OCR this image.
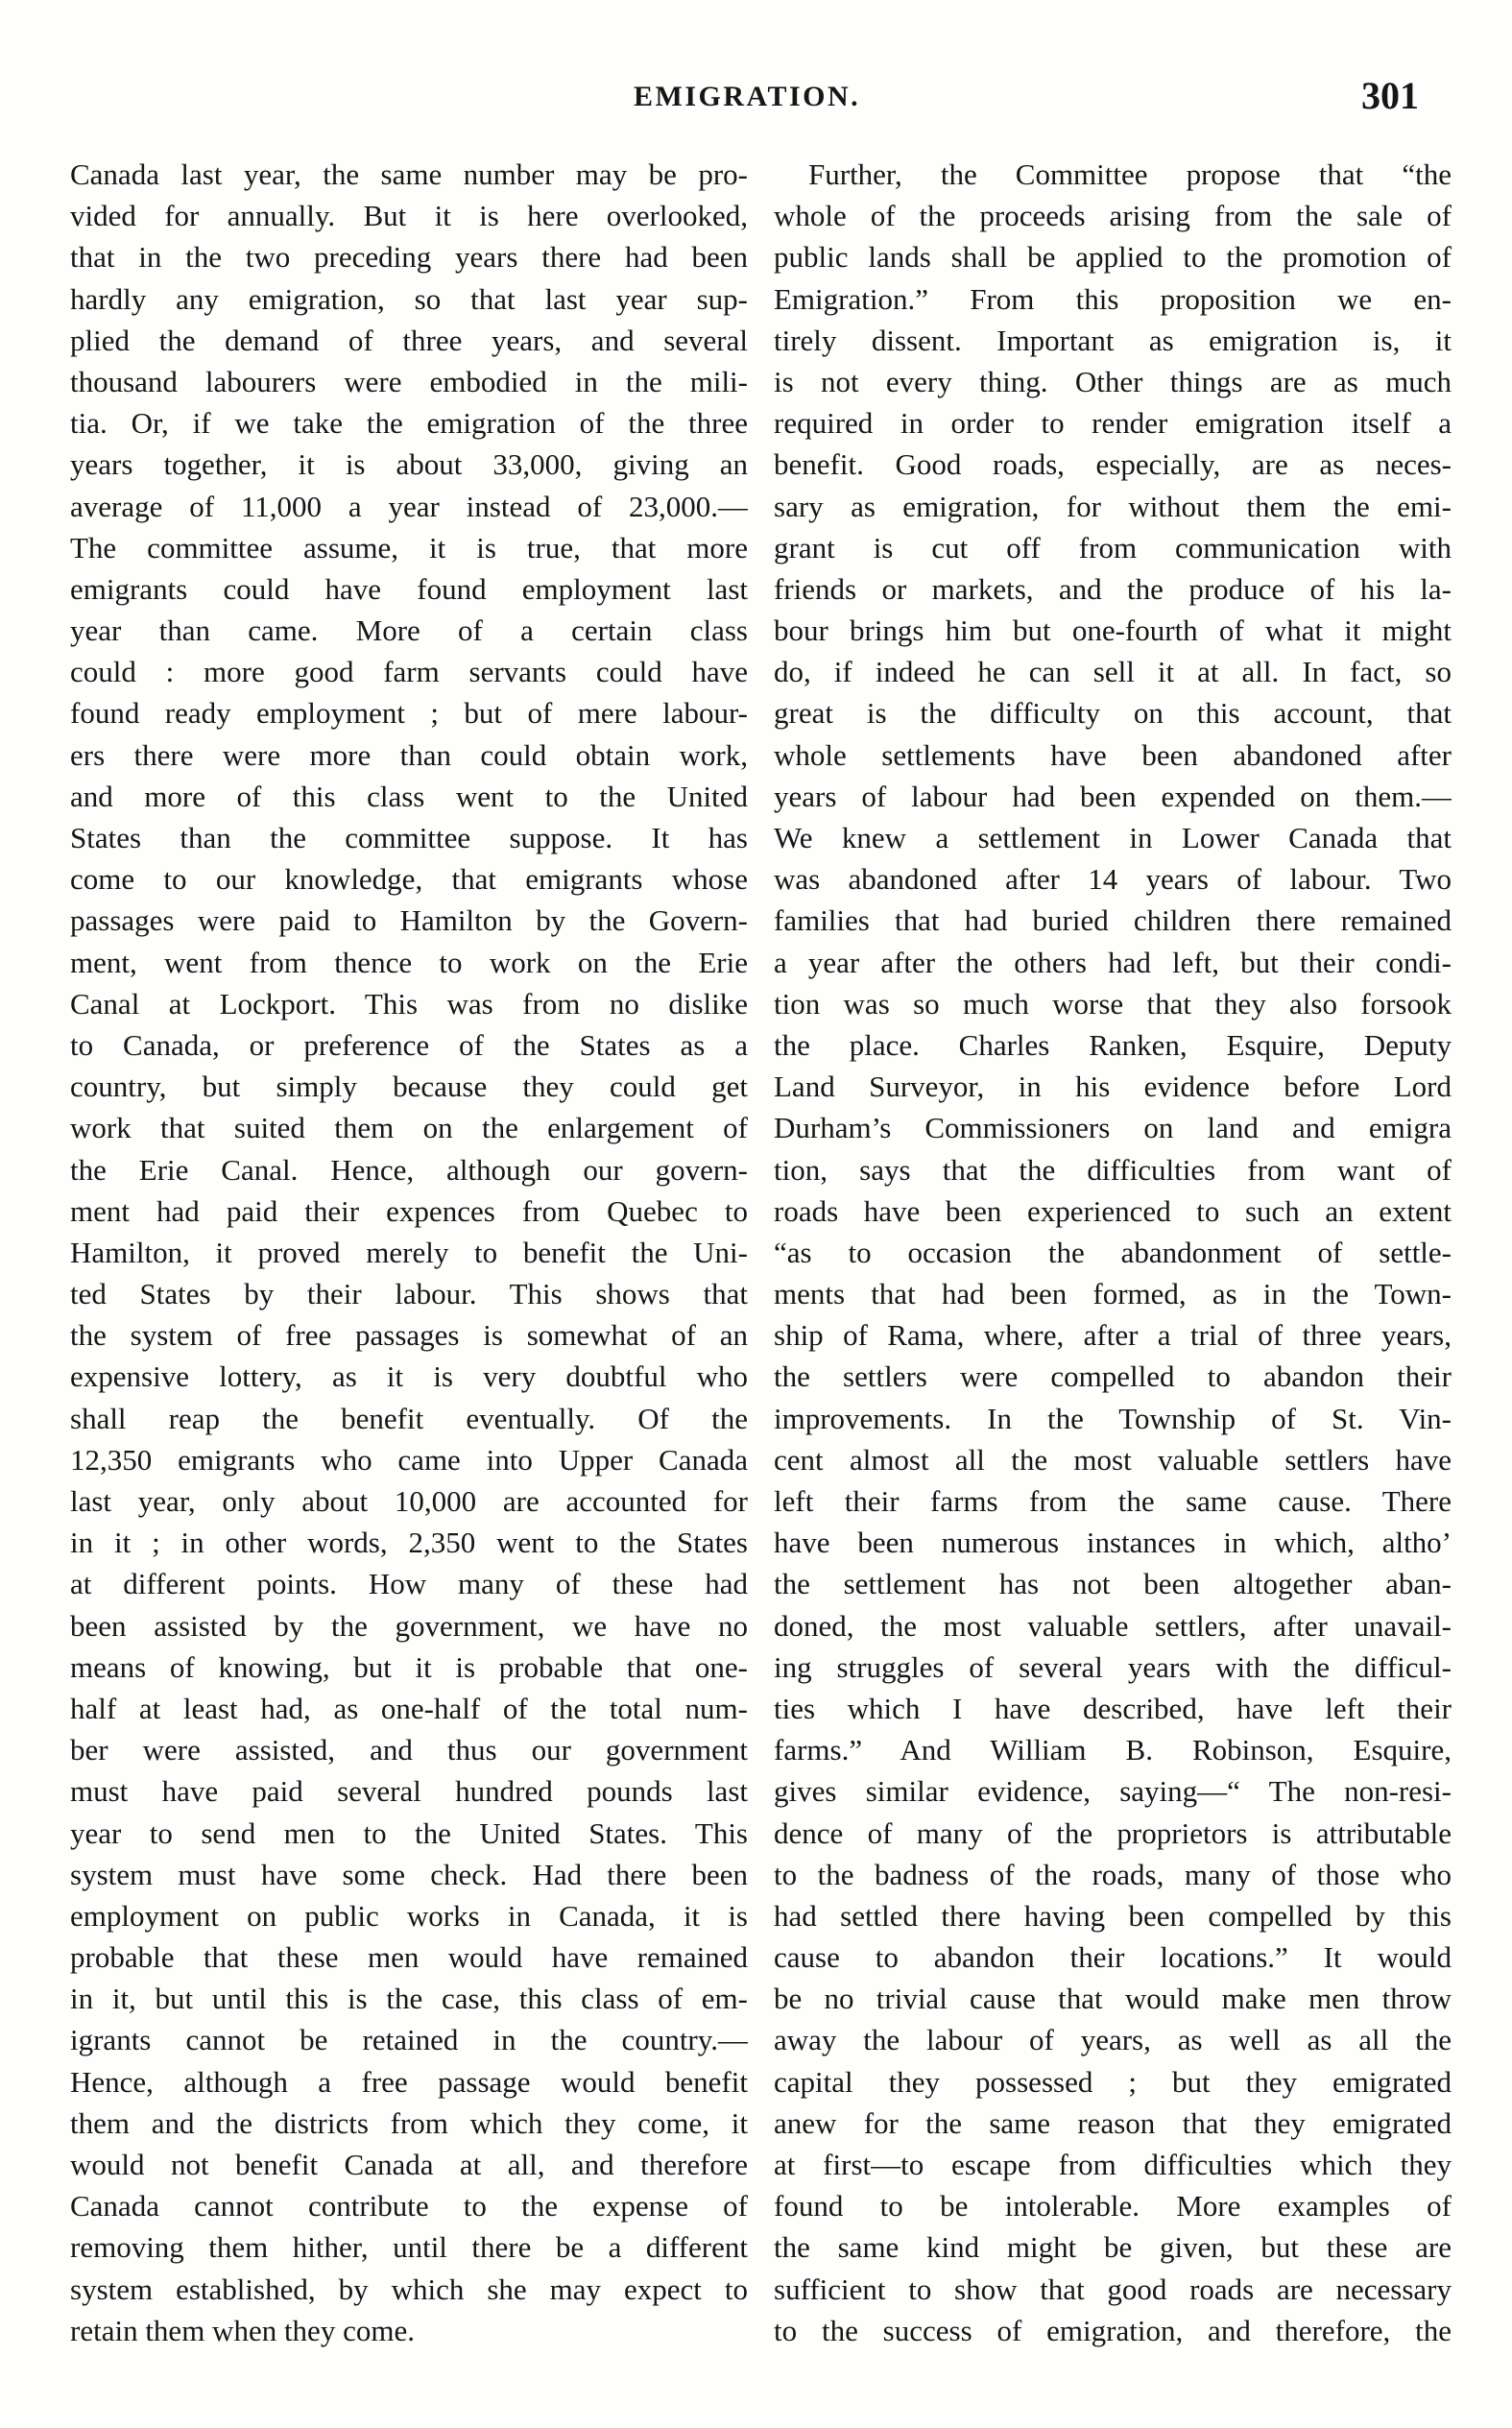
EMIGRATION.	301
Canada last year, the same number may be pro-
vided for annually. But it is here overlooked,
that in the two preceding years there had been
hardly any emigration, so that last year sup-
plied the demand of three years, and several
thousand labourers were embodied in the mili-
tia. Or, if we take the emigration of the three
years together, it is about 33,000, giving an
average of 11,000 a year instead of 23,000.—
The committee assume, it is true, that more
emigrants could have found employment last
year than came. More of a certain class
could : more good farm servants could have
found ready employment ; but of mere labour-
ers there were more than could obtain work,
and more of this class went to the United
States than the committee suppose. It has
come to our knowledge, that emigrants whose
passages were paid to Hamilton by the Govern-
ment, went from thence to work on the Erie
Canal at Lockport. This was from no dislike
to Canada, or preference of the States as a
country, but simply because they could get
work that suited them on the enlargement of
the Erie Canal. Hence, although our govern-
ment had paid their expences from Quebec to
Hamilton, it proved merely to benefit the Uni-
ted States by their labour. This shows that
the system of free passages is somewhat of an
expensive lottery, as it is very doubtful who
shall reap the benefit eventually. Of the
12,350 emigrants who came into Upper Canada
last year, only about 10,000 are accounted for
in it ; in other words, 2,350 went to the States
at different points. How many of these had
been assisted by the government, we have no
means of knowing, but it is probable that one-
half at least had, as one-half of the total num-
ber were assisted, and thus our government
must have paid several hundred pounds last
year to send men to the United States. This
system must have some check. Had there been
employment on public works in Canada, it is
probable that these men would have remained
in it, but until this is the case, this class of em-
igrants cannot be retained in the country.—
Hence, although a free passage would benefit
them and the districts from which they come, it
would not benefit Canada at all, and therefore
Canada cannot contribute to the expense of
removing them hither, until there be a different
system established, by which she may expect to
retain them when they come.
Further, the Committee propose that “the
whole of the proceeds arising from the sale of
public lands shall be applied to the promotion of
Emigration.” From this proposition we en-
tirely dissent. Important as emigration is, it
is not every thing. Other things are as much
required in order to render emigration itself a
benefit. Good roads, especially, are as neces-
sary as emigration, for without them the emi-
grant is cut off from communication with
friends or markets, and the produce of his la-
bour brings him but one-fourth of what it might
do, if indeed he can sell it at all. In fact, so
great is the difficulty on this account, that
whole settlements have been abandoned after
years of labour had been expended on them.—
We knew a settlement in Lower Canada that
was abandoned after 14 years of labour. Two
families that had buried children there remained
a year after the others had left, but their condi-
tion was so much worse that they also forsook
the place. Charles Ranken, Esquire, Deputy
Land Surveyor, in his evidence before Lord
Durham’s Commissioners on land and emigra
tion, says that the difficulties from want of
roads have been experienced to such an extent
“as to occasion the abandonment of settle-
ments that had been formed, as in the Town-
ship of Rama, where, after a trial of three years,
the settlers were compelled to abandon their
improvements. In the Township of St. Vin-
cent almost all the most valuable settlers have
left their farms from the same cause. There
have been numerous instances in which, altho’
the settlement has not been altogether aban-
doned, the most valuable settlers, after unavail-
ing struggles of several years with the difficul-
ties which I have described, have left their
farms.” And William B. Robinson, Esquire,
gives similar evidence, saying—“ The non-resi-
dence of many of the proprietors is attributable
to the badness of the roads, many of those who
had settled there having been compelled by this
cause to abandon their locations.” It would
be no trivial cause that would make men throw
away the labour of years, as well as all the
capital they possessed ; but they emigrated
anew for the same reason that they emigrated
at first—to escape from difficulties which they
found to be intolerable. More examples of
the same kind might be given, but these are
sufficient to show that good roads are necessary
to the success of emigration, and therefore, the
